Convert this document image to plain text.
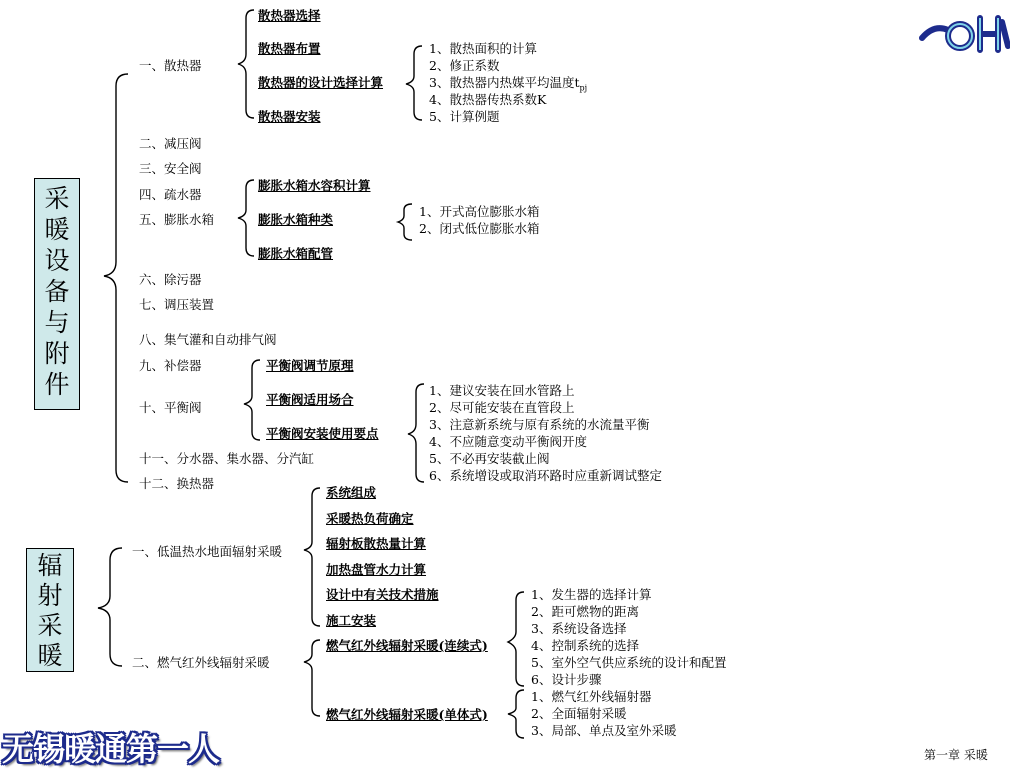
采暖设备与附件
一、散热器
二、减压阀
三、安全阀
四、疏水器
五、膨胀水箱
六、除污器
七、调压装置
八、集气灌和自动排气阀
九、补偿器
十、平衡阀
十一、分水器、集水器、分汽缸
十二、换热器
散热器选择
散热器布置
散热器的设计选择计算
散热器安装
1、散热面积的计算
2、修正系数
3、散热器内热媒平均温度$t_{pj}$
4、散热器传热系数K
5、计算例题
膨胀水箱水容积计算
膨胀水箱种类
膨胀水箱配管
1、开式高位膨胀水箱
2、闭式低位膨胀水箱
平衡阀调节原理
平衡阀适用场合
平衡阀安装使用要点
1、建议安装在回水管路上
2、尽可能安装在直管段上
3、注意新系统与原有系统的水流量平衡
4、不应随意变动平衡阀开度
5、不必再安装截止阀
6、系统增设或取消环路时应重新调试整定
辐射采暖
一、低温热水地面辐射采暖
二、燃气红外线辐射采暖
系统组成
采暖热负荷确定
辐射板散热量计算
加热盘管水力计算
设计中有关技术措施
施工安装
燃气红外线辐射采暖(连续式)
燃气红外线辐射采暖(单体式)
1、发生器的选择计算
2、距可燃物的距离
3、系统设备选择
4、控制系统的选择
5、室外空气供应系统的设计和配置
6、设计步骤
1、燃气红外线辐射器
2、全面辐射采暖
3、局部、单点及室外采暖
无锡暖通第一人	第一章 采暖
